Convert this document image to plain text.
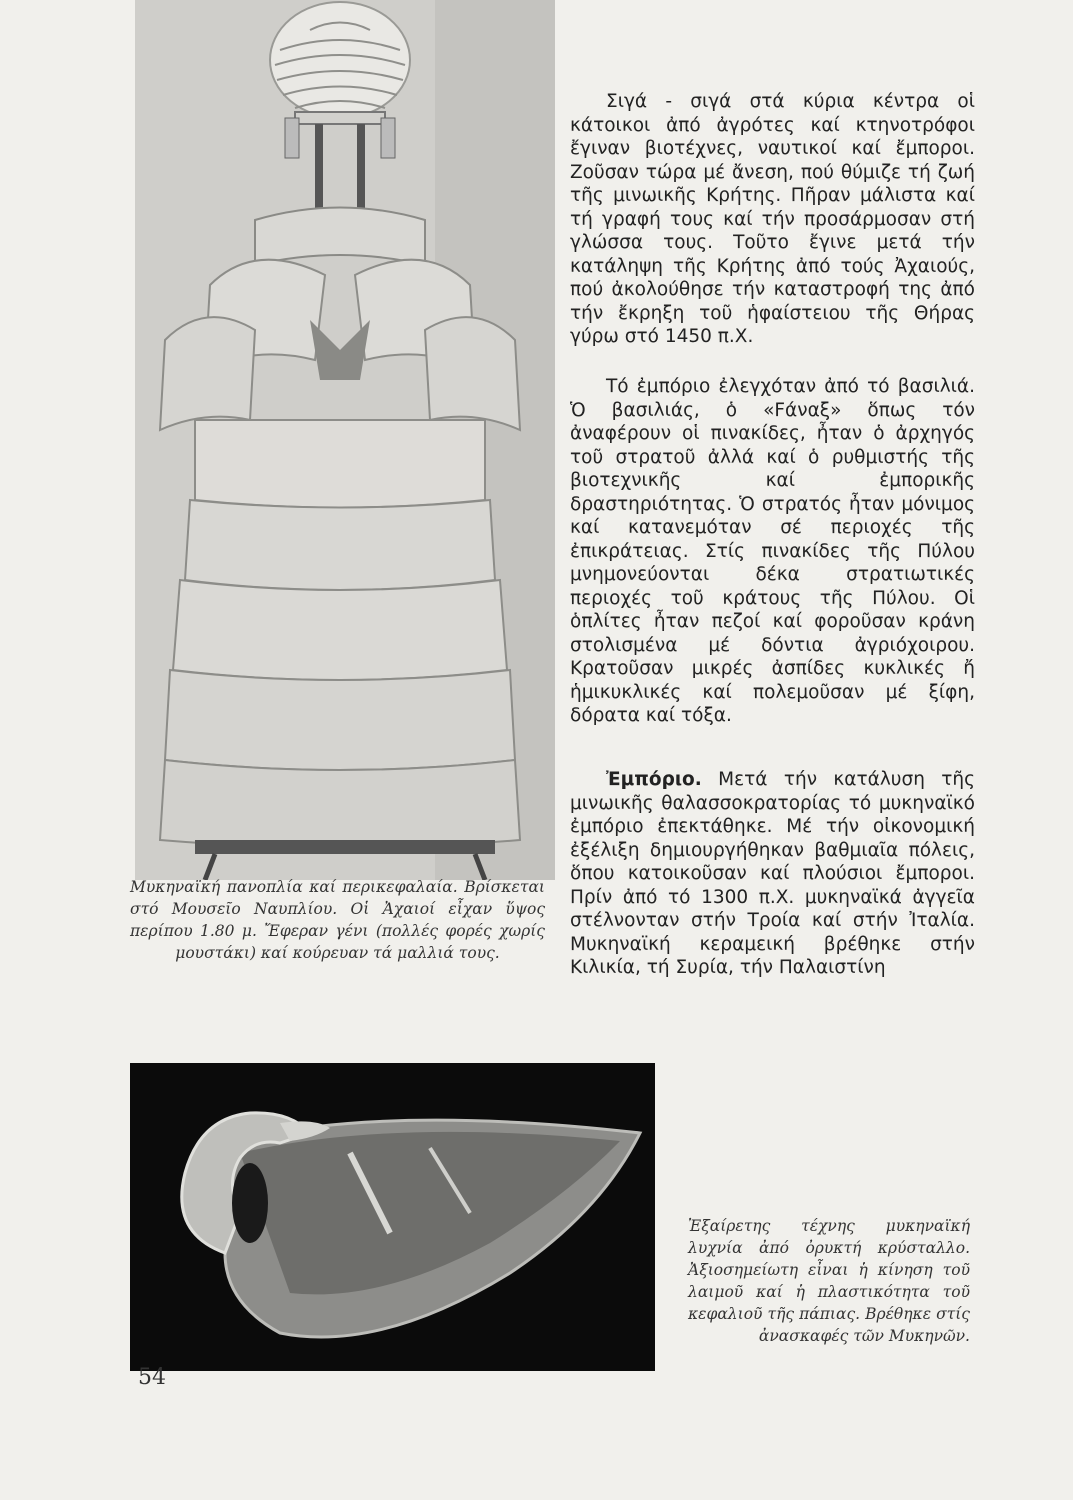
Μυκηναϊκή πανοπλία καί περικεφαλαία. Βρίσκεται στό Μουσεῖο Ναυπλίου. Οἱ Ἀχαιοί εἶχαν ὕψος περίπου 1.80 μ. Ἔφεραν γένι (πολλές φορές χωρίς μουστάκι) καί κούρευαν τά μαλλιά τους.

Σιγά - σιγά στά κύρια κέντρα οἱ κάτοικοι ἀπό ἀγρότες καί κτηνοτρόφοι ἔγιναν βιοτέχνες, ναυτικοί καί ἔμποροι. Ζοῦσαν τώρα μέ ἄνεση, πού θύμιζε τή ζωή τῆς μινωικῆς Κρήτης. Πῆραν μάλιστα καί τή γραφή τους καί τήν προσάρμοσαν στή γλώσσα τους. Τοῦτο ἔγινε μετά τήν κατάληψη τῆς Κρήτης ἀπό τούς Ἀχαιούς, πού ἀκολούθησε τήν καταστροφή της ἀπό τήν ἔκρηξη τοῦ ἡφαίστειου τῆς Θήρας γύρω στό 1450 π.Χ.

Τό ἐμπόριο ἐλεγχόταν ἀπό τό βασιλιά. Ὁ βασιλιάς, ὁ «Ϝάναξ» ὅπως τόν ἀναφέρουν οἱ πινακίδες, ἦταν ὁ ἀρχηγός τοῦ στρατοῦ ἀλλά καί ὁ ρυθμιστής τῆς βιοτεχνικῆς καί ἐμπορικῆς δραστηριότητας. Ὁ στρατός ἦταν μόνιμος καί κατανεμόταν σέ περιοχές τῆς ἐπικράτειας. Στίς πινακίδες τῆς Πύλου μνημονεύονται δέκα στρατιωτικές περιοχές τοῦ κράτους τῆς Πύλου. Οἱ ὁπλίτες ἦταν πεζοί καί φοροῦσαν κράνη στολισμένα μέ δόντια ἀγριόχοιρου. Κρατοῦσαν μικρές ἀσπίδες κυκλικές ἤ ἡμικυκλικές καί πολεμοῦσαν μέ ξίφη, δόρατα καί τόξα.

Ἐμπόριο. Μετά τήν κατάλυση τῆς μινωικῆς θαλασσοκρατορίας τό μυκηναϊκό ἐμπόριο ἐπεκτάθηκε. Μέ τήν οἰκονομική ἐξέλιξη δημιουργήθηκαν βαθμιαῖα πόλεις, ὅπου κατοικοῦσαν καί πλούσιοι ἔμποροι. Πρίν ἀπό τό 1300 π.Χ. μυκηναϊκά ἀγγεῖα στέλνονταν στήν Τροία καί στήν Ἰταλία. Μυκηναϊκή κεραμεική βρέθηκε στήν Κιλικία, τή Συρία, τήν Παλαιστίνη

Ἐξαίρετης τέχνης μυκηναϊκή λυχνία ἀπό ὀρυκτή κρύσταλλο. Ἀξιοσημείωτη εἶναι ἡ κίνηση τοῦ λαιμοῦ καί ἡ πλαστικότητα τοῦ κεφαλιοῦ τῆς πάπιας. Βρέθηκε στίς ἀνασκαφές τῶν Μυκηνῶν.
54
